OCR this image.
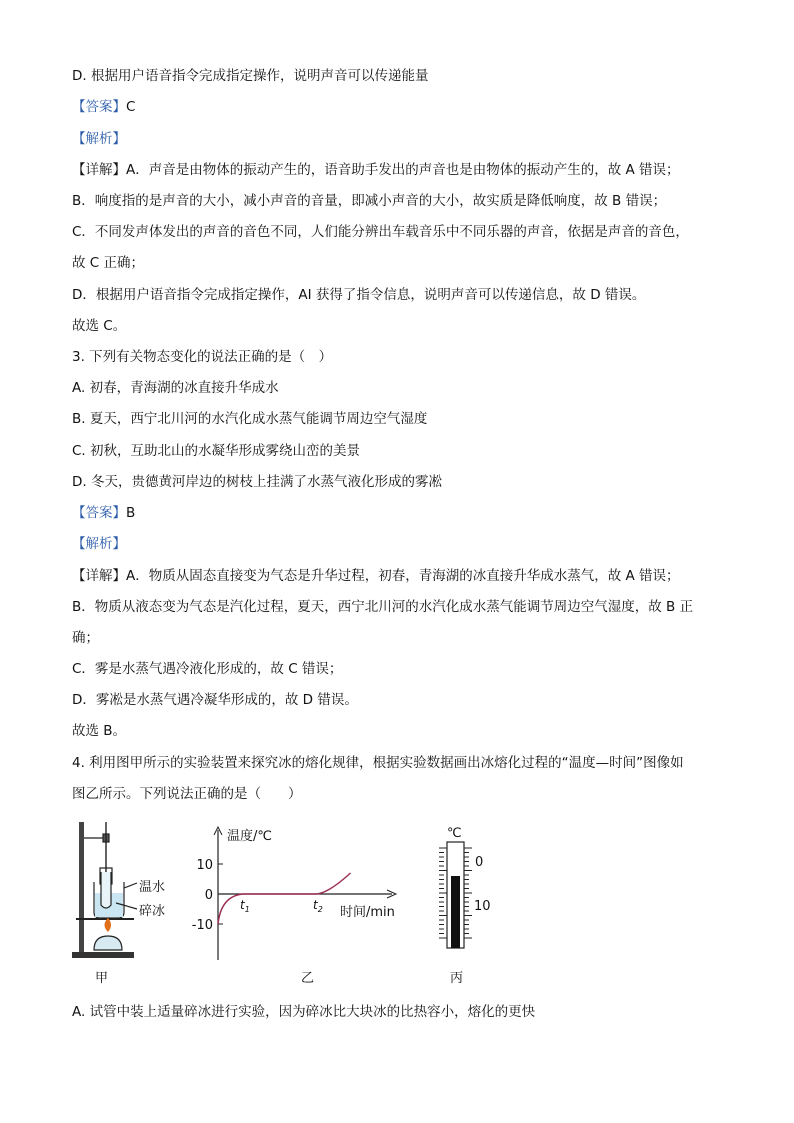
D. 根据用户语音指令完成指定操作，说明声音可以传递能量
【答案】C
【解析】
【详解】A．声音是由物体的振动产生的，语音助手发出的声音也是由物体的振动产生的，故 A 错误；
B．响度指的是声音的大小，减小声音的音量，即减小声音的大小，故实质是降低响度，故 B 错误；
C．不同发声体发出的声音的音色不同，人们能分辨出车载音乐中不同乐器的声音，依据是声音的音色，
故 C 正确；
D．根据用户语音指令完成指定操作，AI 获得了指令信息，说明声音可以传递信息，故 D 错误。
故选 C。
3. 下列有关物态变化的说法正确的是（　）
A. 初春，青海湖的冰直接升华成水
B. 夏天，西宁北川河的水汽化成水蒸气能调节周边空气湿度
C. 初秋，互助北山的水凝华形成雾绕山峦的美景
D. 冬天，贵德黄河岸边的树枝上挂满了水蒸气液化形成的雾凇
【答案】B
【解析】
【详解】A．物质从固态直接变为气态是升华过程，初春，青海湖的冰直接升华成水蒸气，故 A 错误；
B．物质从液态变为气态是汽化过程，夏天，西宁北川河的水汽化成水蒸气能调节周边空气湿度，故 B 正
确；
C．雾是水蒸气遇冷液化形成的，故 C 错误；
D．雾凇是水蒸气遇冷凝华形成的，故 D 错误。
故选 B。
4. 利用图甲所示的实验装置来探究冰的熔化规律，根据实验数据画出冰熔化过程的“温度—时间”图像如
图乙所示。下列说法正确的是（　　）
温水
碎冰
甲
温度/℃
时间/min
10
0
-10
$t_1$	$t_2$
乙
℃
0
10
丙
A. 试管中装上适量碎冰进行实验，因为碎冰比大块冰的比热容小，熔化的更快
